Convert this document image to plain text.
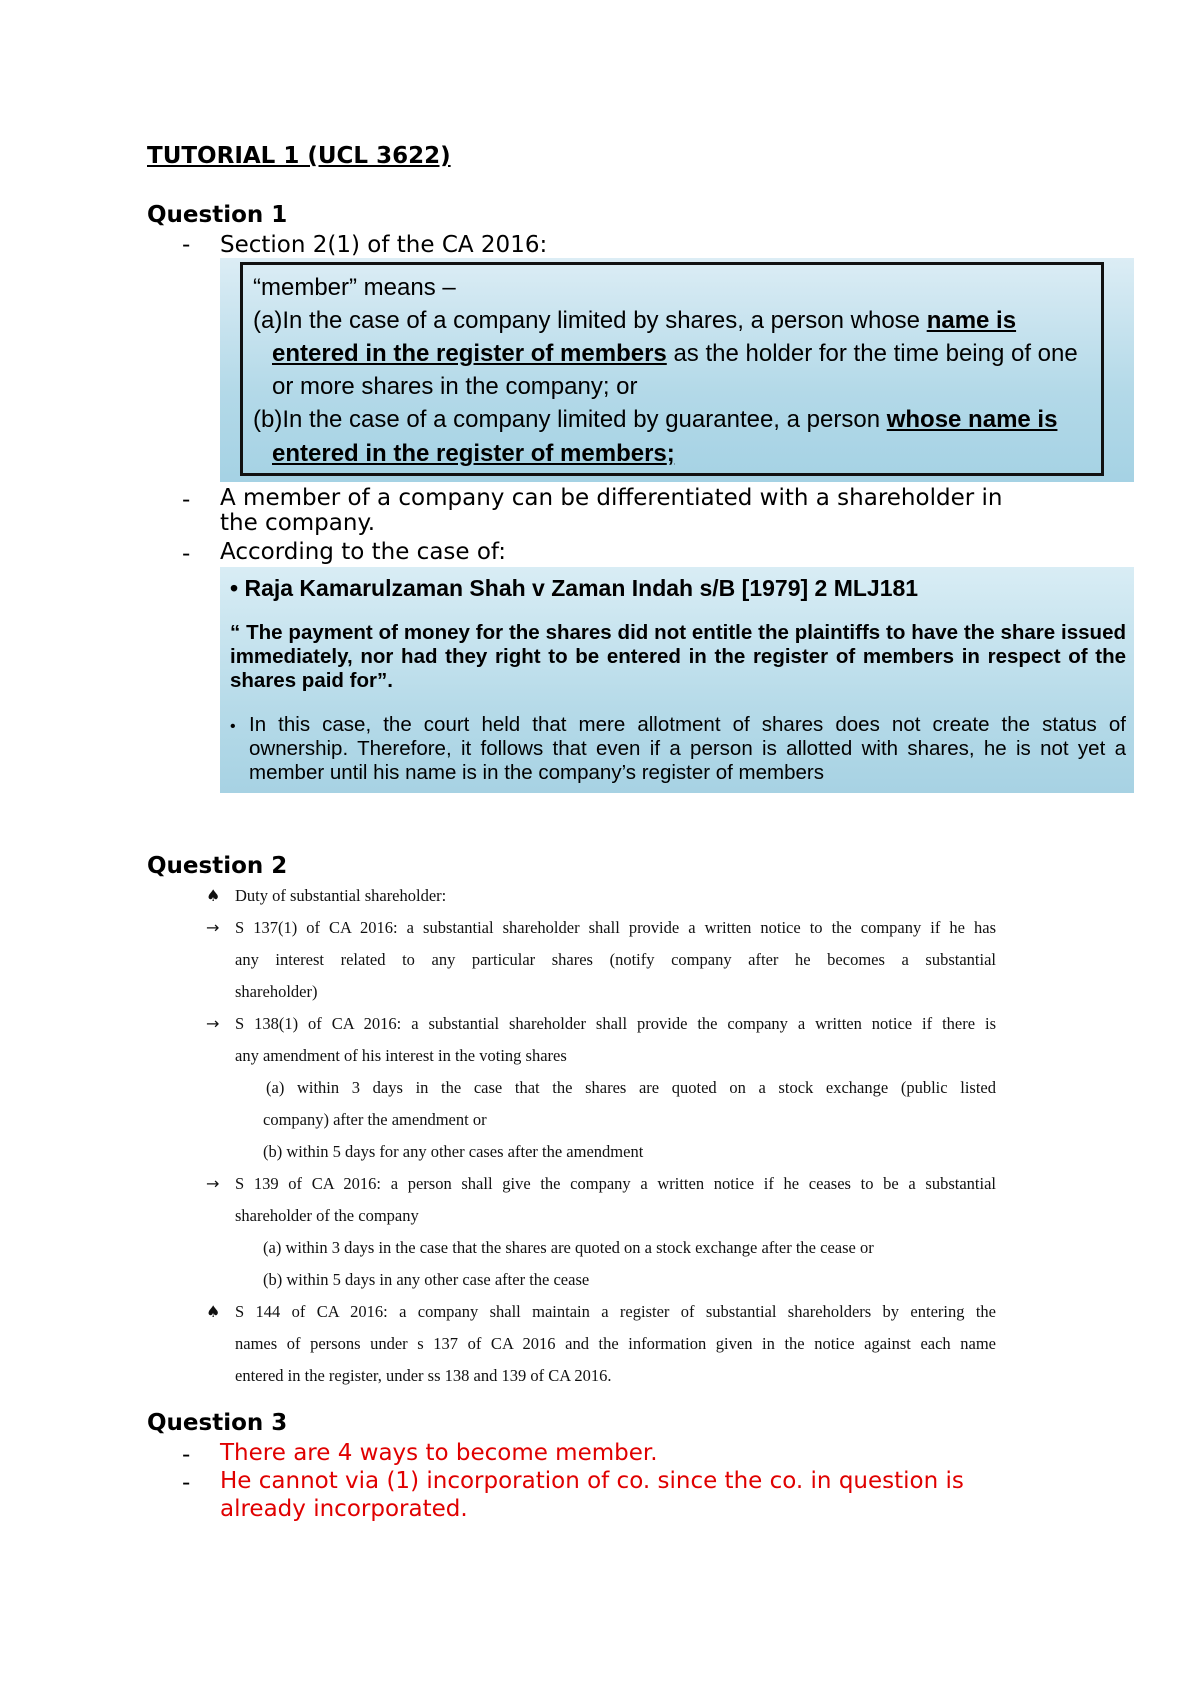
TUTORIAL 1 (UCL 3622)
Question 1
- Section 2(1) of the CA 2016:
“member” means –
(a)In the case of a company limited by shares, a person whose name is
entered in the register of members as the holder for the time being of one
or more shares in the company; or
(b)In the case of a company limited by guarantee, a person whose name is
entered in the register of members;
- A member of a company can be differentiated with a shareholder in
the company.
- According to the case of:
• Raja Kamarulzaman Shah v Zaman Indah s/B [1979] 2 MLJ181
“ The payment of money for the shares did not entitle the plaintiffs to have the share issued immediately, nor had they right to be entered in the register of members in respect of the shares paid for”.
• In this case, the court held that mere allotment of shares does not create the status of ownership. Therefore, it follows that even if a person is allotted with shares, he is not yet a member until his name is in the company’s register of members
Question 2
♠ Duty of substantial shareholder:
→ S 137(1) of CA 2016: a substantial shareholder shall provide a written notice to the company if he has
any interest related to any particular shares (notify company after he becomes a substantial
shareholder)
→ S 138(1) of CA 2016: a substantial shareholder shall provide the company a written notice if there is
any amendment of his interest in the voting shares
(a) within 3 days in the case that the shares are quoted on a stock exchange (public listed
company) after the amendment or
(b) within 5 days for any other cases after the amendment
→ S 139 of CA 2016: a person shall give the company a written notice if he ceases to be a substantial
shareholder of the company
(a) within 3 days in the case that the shares are quoted on a stock exchange after the cease or
(b) within 5 days in any other case after the cease
♠ S 144 of CA 2016: a company shall maintain a register of substantial shareholders by entering the
names of persons under s 137 of CA 2016 and the information given in the notice against each name
entered in the register, under ss 138 and 139 of CA 2016.
Question 3
- There are 4 ways to become member.
- He cannot via (1) incorporation of co. since the co. in question is
already incorporated.
